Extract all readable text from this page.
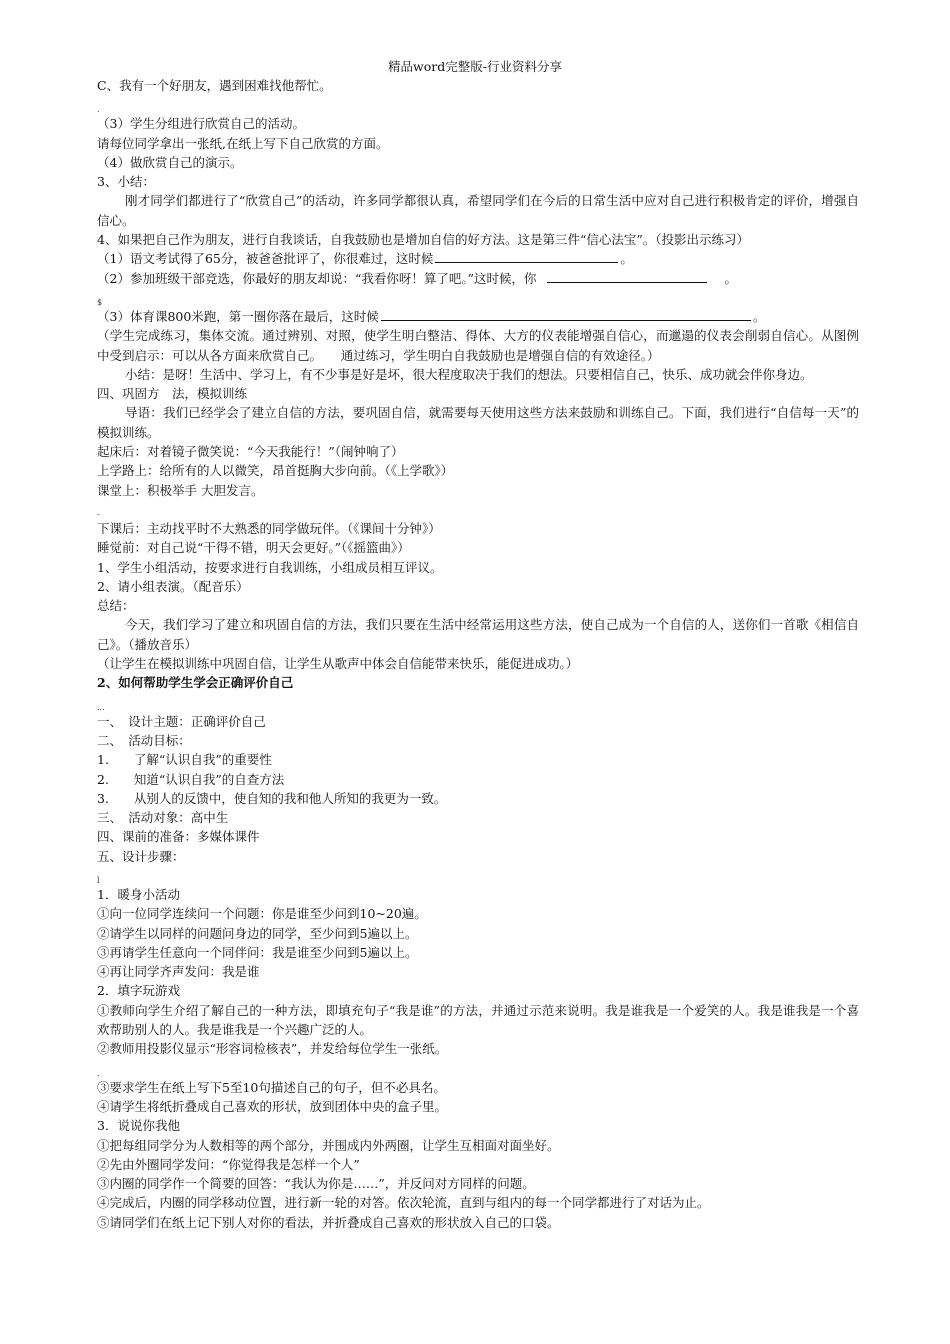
精品word完整版-行业资料分享
C、我有一个好朋友，遇到困难找他帮忙。
.
（3）学生分组进行欣赏自己的活动。
请每位同学拿出一张纸,在纸上写下自己欣赏的方面。
（4）做欣赏自己的演示。
3、小结：
刚才同学们都进行了“欣赏自己”的活动，许多同学都很认真，希望同学们在今后的日常生活中应对自己进行积极肯定的评价，增强自信心。
4、如果把自己作为朋友，进行自我谈话，自我鼓励也是增加自信的好方法。这是第三件“信心法宝”。（投影出示练习）
（1）语文考试得了65分，被爸爸批评了，你很难过，这时候	。
（2）参加班级干部竞选，你最好的朋友却说：“我看你呀！算了吧。”这时候，你	。
$
（3）体育课800米跑，第一圈你落在最后，这时候	。
（学生完成练习，集体交流。通过辨别、对照，使学生明白整洁、得体、大方的仪表能增强自信心，而邋遢的仪表会削弱自信心。从图例中受到启示：可以从各方面来欣赏自己。　　通过练习，学生明白自我鼓励也是增强自信的有效途径。）
小结：是呀！生活中、学习上，有不少事是好是坏，很大程度取决于我们的想法。只要相信自己，快乐、成功就会伴你身边。
四、巩固方　法，模拟训练
导语：我们已经学会了建立自信的方法，要巩固自信，就需要每天使用这些方法来鼓励和训练自己。下面，我们进行“自信每一天”的模拟训练。
起床后：对着镜子微笑说：“今天我能行！”（闹钟响了）
上学路上：给所有的人以微笑，昂首挺胸大步向前。（《上学歌》）
课堂上：积极举手 大胆发言。
-
下课后：主动找平时不大熟悉的同学做玩伴。（《课间十分钟》）
睡觉前：对自己说“干得不错，明天会更好。”（《摇篮曲》）
1、学生小组活动，按要求进行自我训练，小组成员相互评议。
2、请小组表演。（配音乐）
总结：
今天，我们学习了建立和巩固自信的方法，我们只要在生活中经常运用这些方法，使自己成为一个自信的人，送你们一首歌《相信自己》。（播放音乐）
（让学生在模拟训练中巩固自信，让学生从歌声中体会自信能带来快乐，能促进成功。）
2、如何帮助学生学会正确评价自己
...
一、　设计主题：正确评价自己
二、　活动目标：
1.　　了解“认识自我”的重要性
2.　　知道“认识自我”的自查方法
3.　　从别人的反馈中，使自知的我和他人所知的我更为一致。
三、　活动对象：高中生
四、课前的准备：多媒体课件
五、设计步骤：
l
1．暖身小活动
①向一位同学连续问一个问题：你是谁至少问到10~20遍。
②请学生以同样的问题问身边的同学，至少问到5遍以上。
③再请学生任意向一个同伴问：我是谁至少问到5遍以上。
④再让同学齐声发问：我是谁
2．填字玩游戏
①教师向学生介绍了解自己的一种方法，即填充句子“我是谁”的方法，并通过示范来说明。我是谁我是一个爱笑的人。我是谁我是一个喜欢帮助别人的人。我是谁我是一个兴趣广泛的人。
②教师用投影仪显示“形容词检核表”，并发给每位学生一张纸。
.
③要求学生在纸上写下5至10句描述自己的句子，但不必具名。
④请学生将纸折叠成自己喜欢的形状，放到团体中央的盒子里。
3．说说你我他
①把每组同学分为人数相等的两个部分，并围成内外两圈，让学生互相面对面坐好。
②先由外圈同学发问：“你觉得我是怎样一个人”
③内圈的同学作一个简要的回答：“我认为你是……”，并反问对方同样的问题。
④完成后，内圈的同学移动位置，进行新一轮的对答。依次轮流，直到与组内的每一个同学都进行了对话为止。
⑤请同学们在纸上记下别人对你的看法，并折叠成自己喜欢的形状放入自己的口袋。
